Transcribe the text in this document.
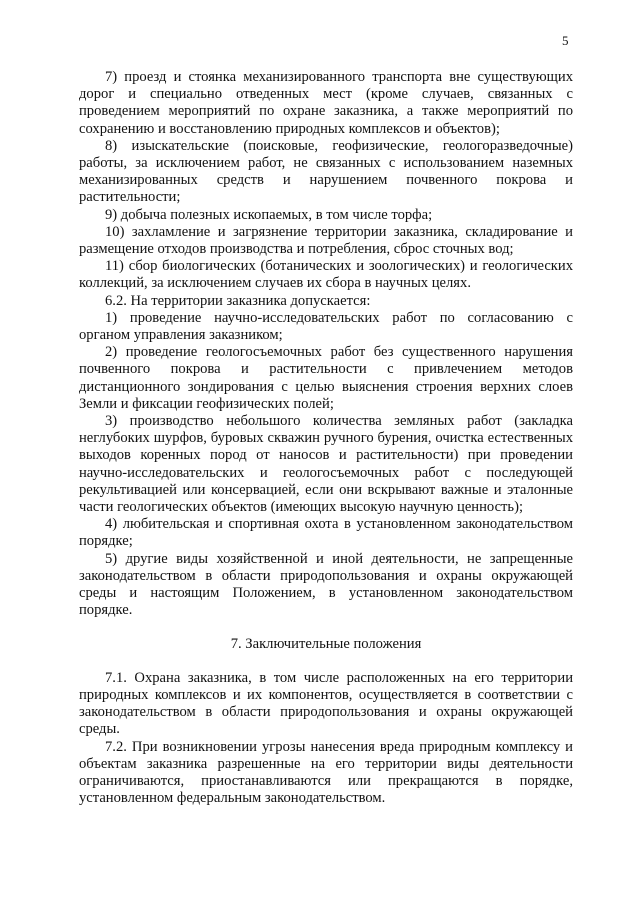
5

7) проезд и стоянка механизированного транспорта вне существующих дорог и специально отведенных мест (кроме случаев, связанных с проведением мероприятий по охране заказника, а также мероприятий по сохранению и восстановлению природных комплексов и объектов);

8) изыскательские (поисковые, геофизические, геологоразведочные) работы, за исключением работ, не связанных с использованием наземных механизированных средств и нарушением почвенного покрова и растительности;

9) добыча полезных ископаемых, в том числе торфа;

10) захламление и загрязнение территории заказника, складирование и размещение отходов производства и потребления, сброс сточных вод;

11) сбор биологических (ботанических и зоологических) и геологических коллекций, за исключением случаев их сбора в научных целях.

6.2. На территории заказника допускается:

1) проведение научно-исследовательских работ по согласованию с органом управления заказником;

2) проведение геологосъемочных работ без существенного нарушения почвенного покрова и растительности с привлечением методов дистанционного зондирования с целью выяснения строения верхних слоев Земли и фиксации геофизических полей;

3) производство небольшого количества земляных работ (закладка неглубоких шурфов, буровых скважин ручного бурения, очистка естественных выходов коренных пород от наносов и растительности) при проведении научно-исследовательских и геологосъемочных работ с последующей рекультивацией или консервацией, если они вскрывают важные и эталонные части геологических объектов (имеющих высокую научную ценность);

4) любительская и спортивная охота в установленном законодательством порядке;

5) другие виды хозяйственной и иной деятельности, не запрещенные законодательством в области природопользования и охраны окружающей среды и настоящим Положением, в установленном законодательством порядке.

7. Заключительные положения

7.1. Охрана заказника, в том числе расположенных на его территории природных комплексов и их компонентов, осуществляется в соответствии с законодательством в области природопользования и охраны окружающей среды.

7.2. При возникновении угрозы нанесения вреда природным комплексу и объектам заказника разрешенные на его территории виды деятельности ограничиваются, приостанавливаются или прекращаются в порядке, установленном федеральным законодательством.
